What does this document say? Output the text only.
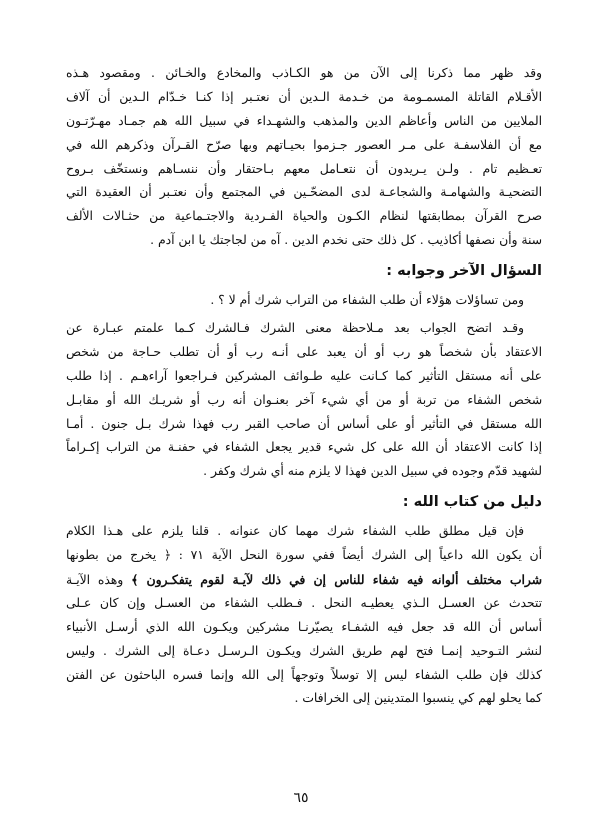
وقد ظهر مما ذكرنا إلى الآن من هو الكـاذب والمخادع والخـائن . ومقصود هـذه
الأقـلام القاتلة المسمـومة من خـدمة الـدين أن نعتـبر إذا كنـا خـدّام الـدين أن آلاف
الملايين من الناس وأعاظم الدين والمذهب والشهـداء في سبيل الله هم جمـاد مهـرّتـون
مع أن الفلاسفـة على مـر العصور جـزموا بحيـاتهم وبها صرّح القـرآن وذكرهم الله في
تعـظيم تام . ولـن يـريدون أن نتعـامل معهم بـاحتقار وأن ننسـاهم ونستخّف بـروح
التضحيـة والشهامـة والشجاعـة لدى المضحّـين في المجتمع وأن نعتـبر أن العقيدة التي
صرح القرآن بمطابقتها لنظام الكـون والحياة الفـردية والاجتـماعية من حثـالات الألف
سنة وأن نصفها أكاذيب . كل ذلك حتى نخدم الدين . آه من لجاجتك يا ابن آدم .
السؤال الآخر وجوابه :
ومن تساؤلات هؤلاء أن طلب الشفاء من التراب شرك أم لا ؟ .
وقـد اتضح الجواب بعد مـلاحظة معنى الشرك فـالشرك كـما علمتم عبـارة عن
الاعتقاد بأن شخصاً هو رب أو أن يعبد على أنـه رب أو أن تطلب حـاجة من شخص
على أنه مستقل التأثير كما كـانت عليه طـوائف المشركين فـراجعوا آراءهـم . إذا طلب
شخص الشفاء من تربة أو من أي شيء آخر بعنـوان أنه رب أو شريـك الله أو مقابـل
الله مستقل في التأثير أو على أساس أن صاحب القبر رب فهذا شرك بـل جنون . أمـا
إذا كانت الاعتقاد أن الله على كل شيء قدير يجعل الشفاء في حفنـة من التراب إكـراماً
لشهيد قدّم وجوده في سبيل الدين فهذا لا يلزم منه أي شرك وكفر .
دليل من كتاب الله :
فإن قيل مطلق طلب الشفاء شرك مهما كان عنوانه . قلنا يلزم على هـذا الكلام
أن يكون الله داعياً إلى الشرك أيضاً ففي سورة النحل الآية ٧١ : ﴿ يخرج من بطونها
شراب مختلف ألوانه فيه شفاء للناس إن في ذلك لآيـة لقوم يتفكـرون ﴾ وهذه الآيـة
تتحدث عن العسـل الـذي يعطيـه النحل . فـطلب الشفاء من العسـل وإن كان عـلى
أساس أن الله قد جعل فيه الشفـاء يصيّرنـا مشركين ويكـون الله الذي أرسـل الأنبياء
لنشر التـوحيد إنمـا فتح لهم طريق الشرك ويكـون الـرسـل دعـاة إلى الشرك . وليس
كذلك فإن طلب الشفاء ليس إلا توسلاً وتوجهاً إلى الله وإنما فسره الباحثون عن الفتن
كما يحلو لهم كي ينسبوا المتدينين إلى الخرافات .
٦٥
